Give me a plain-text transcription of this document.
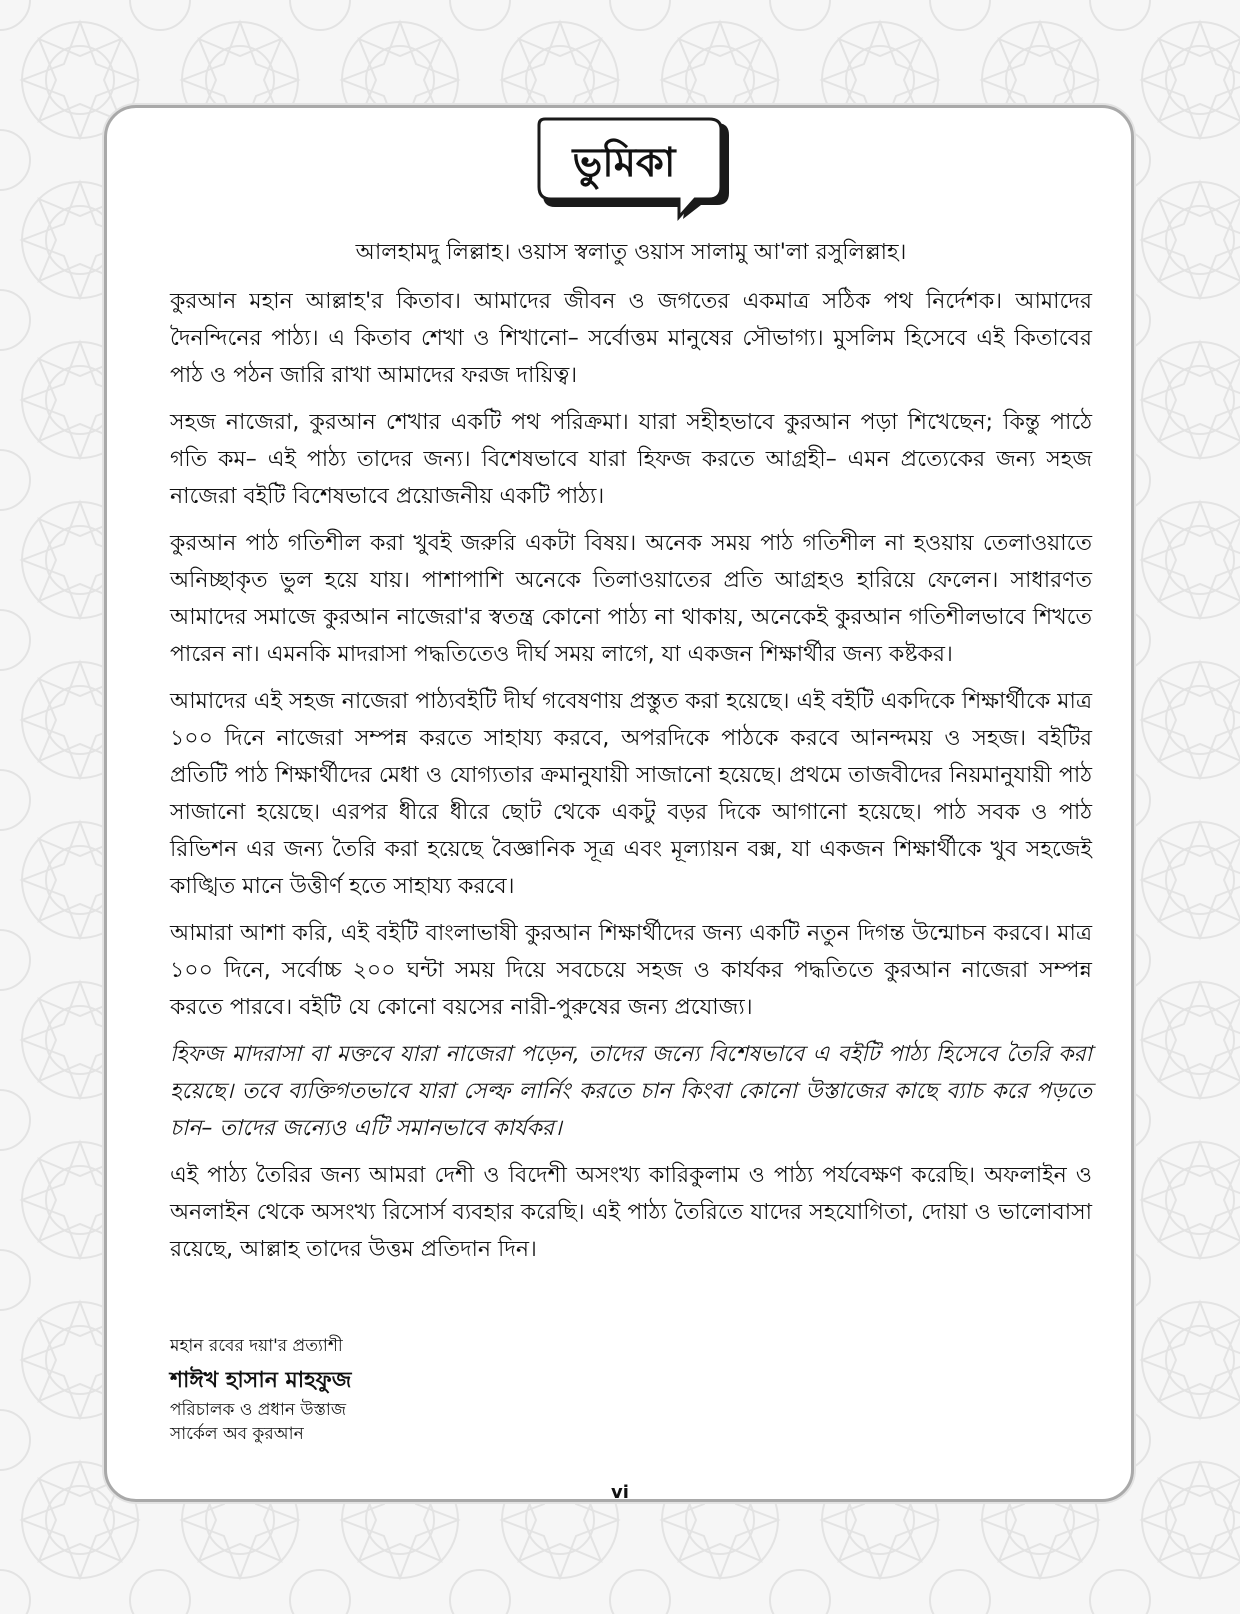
ভুমিকা

আলহামদু লিল্লাহ। ওয়াস স্বলাতু ওয়াস সালামু আ'লা রসুলিল্লাহ।

কুরআন মহান আল্লাহ'র কিতাব। আমাদের জীবন ও জগতের একমাত্র সঠিক পথ নির্দেশক। আমাদের দৈনন্দিনের পাঠ্য। এ কিতাব শেখা ও শিখানো– সর্বোত্তম মানুষের সৌভাগ্য। মুসলিম হিসেবে এই কিতাবের পাঠ ও পঠন জারি রাখা আমাদের ফরজ দায়িত্ব।

সহজ নাজেরা, কুরআন শেখার একটি পথ পরিক্রমা। যারা সহীহভাবে কুরআন পড়া শিখেছেন; কিন্তু পাঠে গতি কম– এই পাঠ্য তাদের জন্য। বিশেষভাবে যারা হিফজ করতে আগ্রহী– এমন প্রত্যেকের জন্য সহজ নাজেরা বইটি বিশেষভাবে প্রয়োজনীয় একটি পাঠ্য।

কুরআন পাঠ গতিশীল করা খুবই জরুরি একটা বিষয়। অনেক সময় পাঠ গতিশীল না হওয়ায় তেলাওয়াতে অনিচ্ছাকৃত ভুল হয়ে যায়। পাশাপাশি অনেকে তিলাওয়াতের প্রতি আগ্রহও হারিয়ে ফেলেন। সাধারণত আমাদের সমাজে কুরআন নাজেরা'র স্বতন্ত্র কোনো পাঠ্য না থাকায়, অনেকেই কুরআন গতিশীলভাবে শিখতে পারেন না। এমনকি মাদরাসা পদ্ধতিতেও দীর্ঘ সময় লাগে, যা একজন শিক্ষার্থীর জন্য কষ্টকর।

আমাদের এই সহজ নাজেরা পাঠ্যবইটি দীর্ঘ গবেষণায় প্রস্তুত করা হয়েছে। এই বইটি একদিকে শিক্ষার্থীকে মাত্র ১০০ দিনে নাজেরা সম্পন্ন করতে সাহায্য করবে, অপরদিকে পাঠকে করবে আনন্দময় ও সহজ। বইটির প্রতিটি পাঠ শিক্ষার্থীদের মেধা ও যোগ্যতার ক্রমানুযায়ী সাজানো হয়েছে। প্রথমে তাজবীদের নিয়মানুযায়ী পাঠ সাজানো হয়েছে। এরপর ধীরে ধীরে ছোট থেকে একটু বড়র দিকে আগানো হয়েছে। পাঠ সবক ও পাঠ রিভিশন এর জন্য তৈরি করা হয়েছে বৈজ্ঞানিক সূত্র এবং মূল্যায়ন বক্স, যা একজন শিক্ষার্থীকে খুব সহজেই কাঙ্খিত মানে উত্তীর্ণ হতে সাহায্য করবে।

আমারা আশা করি, এই বইটি বাংলাভাষী কুরআন শিক্ষার্থীদের জন্য একটি নতুন দিগন্ত উন্মোচন করবে। মাত্র ১০০ দিনে, সর্বোচ্চ ২০০ ঘন্টা সময় দিয়ে সবচেয়ে সহজ ও কার্যকর পদ্ধতিতে কুরআন নাজেরা সম্পন্ন করতে পারবে। বইটি যে কোনো বয়সের নারী-পুরুষের জন্য প্রযোজ্য।

হিফজ মাদরাসা বা মক্তবে যারা নাজেরা পড়েন, তাদের জন্যে বিশেষভাবে এ বইটি পাঠ্য হিসেবে তৈরি করা হয়েছে। তবে ব্যক্তিগতভাবে যারা সেল্ফ লার্নিং করতে চান কিংবা কোনো উস্তাজের কাছে ব্যাচ করে পড়তে চান– তাদের জন্যেও এটি সমানভাবে কার্যকর।

এই পাঠ্য তৈরির জন্য আমরা দেশী ও বিদেশী অসংখ্য কারিকুলাম ও পাঠ্য পর্যবেক্ষণ করেছি। অফলাইন ও অনলাইন থেকে অসংখ্য রিসোর্স ব্যবহার করেছি। এই পাঠ্য তৈরিতে যাদের সহযোগিতা, দোয়া ও ভালোবাসা রয়েছে, আল্লাহ তাদের উত্তম প্রতিদান দিন।

মহান রবের দয়া'র প্রত্যাশী
শাঈখ হাসান মাহফুজ
পরিচালক ও প্রধান উস্তাজ
সার্কেল অব কুরআন
vi
